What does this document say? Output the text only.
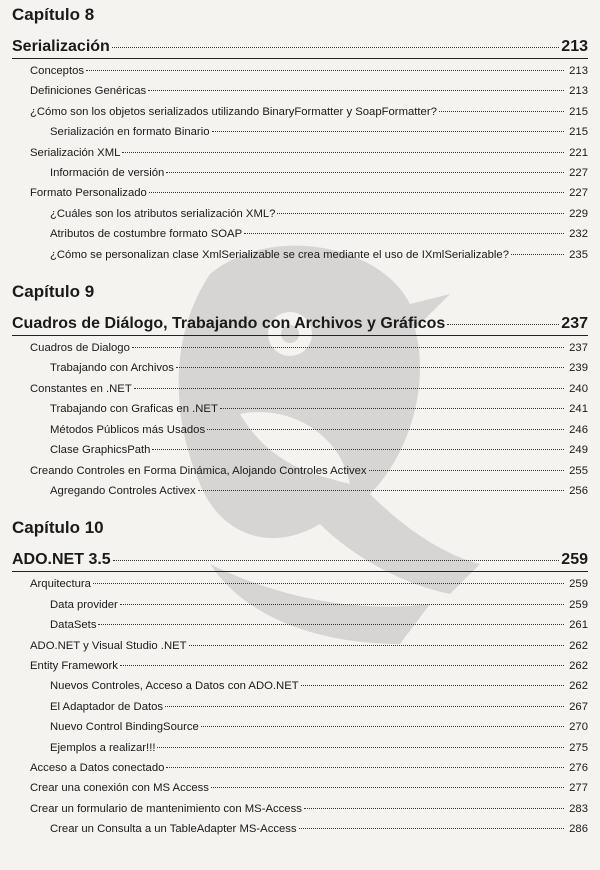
Capítulo 8
Serialización	213
Conceptos	213
Definiciones Genéricas	213
¿Cómo son los objetos serializados utilizando BinaryFormatter y SoapFormatter?	215
Serialización en formato Binario	215
Serialización XML	221
Información de versión	227
Formato Personalizado	227
¿Cuáles son los atributos serialización XML?	229
Atributos de costumbre formato SOAP	232
¿Cómo se personalizan clase XmlSerializable se crea mediante el uso de IXmlSerializable?	235
Capítulo 9
Cuadros de Diálogo, Trabajando con Archivos y Gráficos	237
Cuadros de Dialogo	237
Trabajando con Archivos	239
Constantes en .NET	240
Trabajando con Graficas en .NET	241
Métodos Públicos más Usados	246
Clase GraphicsPath	249
Creando Controles en Forma Dinámica, Alojando Controles Activex	255
Agregando Controles Activex	256
Capítulo 10
ADO.NET 3.5	259
Arquitectura	259
Data provider	259
DataSets	261
ADO.NET y Visual Studio .NET	262
Entity Framework	262
Nuevos Controles, Acceso a Datos con ADO.NET	262
El Adaptador de Datos	267
Nuevo Control BindingSource	270
Ejemplos a realizar!!!	275
Acceso a Datos conectado	276
Crear una conexión con MS Access	277
Crear un formulario de mantenimiento con MS-Access	283
Crear un Consulta a un TableAdapter MS-Access	286
